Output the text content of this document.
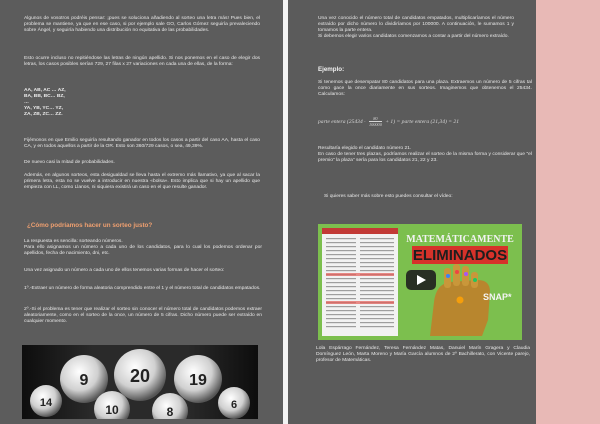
Algunos de vosotros podréis pensar: ¡pues se soluciona añadiendo al sorteo una letra más! Pues bien, el problema se mantiene, ya que en ese caso, si por ejemplo sale GO, Carlos Gómez seguiría prevaleciendo sobre Ángel, y seguiría habiendo una distribución no equitativa de las probabilidades.

Esto ocurre incluso no repitiéndose las letras de ningún apellido. Si nos ponemos en el caso de elegir dos letras, los casos posibles serían 729, 27 filas x 27 variaciones en cada una de ellas, de la forma:

AA, AB, AC … AZ,
BA, BB, BC… BZ,
…
YA, YB, YC… YZ,
ZA, ZB, ZC… ZZ.

Fijémonos en que Emilio seguiría resultando ganador en todos los casos a partir del caso AA, hasta el caso CA, y en todos aquellos a partir de la OR. Esto son 360/729 casos, o sea, 49,39%.

De nuevo casi la mitad de probabilidades.

Además, en algunos sorteos, esta desigualdad se lleva hasta el extremo más llamativo, ya que al sacar la primera letra, esta no se vuelve a introducir en nuestra «bolsa». Esto implica que si hay un apellido que empieza con LL, como Llanos, ni siquiera existirá un caso en el que resulte ganador.

¿Cómo podríamos hacer un sorteo justo?

La respuesta es sencilla: sorteando números.
Para ello asignamos un número a cada uno de los candidatos, para lo cual los podemos ordenar por apellidos, fecha de nacimiento, dni, etc.

Una vez asignado un número a cada uno de ellos tenemos varias formas de hacer el sorteo:

1º.-Extraer un número de forma aleatoria comprendido entre el 1 y el número total de candidatos empatados.

2º.-Si el problema es tener que realizar el sorteo sin conocer el número total de candidatos podemos extraer aleatoriamente, como en el sorteo de la once, un número de 5 cifras. Dicho número puede ser extraído en cualquier momento.

9 20 19
10	8
14	6

Una vez conocido el número total de candidatos empatados, multiplicaríamos el número extraído por dicho número lo dividiríamos por 100000. A continuación, le sumamos 1 y tomamos la parte entera.
Si debemos elegir varios candidatos comenzamos a contar a partir del número extraído.

Ejemplo:

Si tenemos que desempatar 80 candidatos para una plaza. Extraemos un número de 5 cifras tal como gace la once diariamente en sus sorteos. Imaginemos que obtenemos el 25434. Calculamos:

parte entera $(25434 \cdot \frac{80}{100000} + 1)$ = parte entera (21,34) = 21

Resultaría elegido el candidato número 21.
En caso de tener tres plazas, podríamos realizar el sorteo de la misma forma y considerar que "el premio" la plaza" sería para los candidatos 21, 22 y 23.

Si quieres saber más sobre esto puedes consultar el vídeo:

Lola Espárrago Fernández, Teresa Fernández Matas, Danuiel Marín Gragera y Claudia Domínguez León, Marta Moreno y María García alumnos de 2º Bachillerato, con Vicente parejo, profesor de Matemáticas.

MATEMÁTICAMENTE
ELIMINADOS
SNAP*
